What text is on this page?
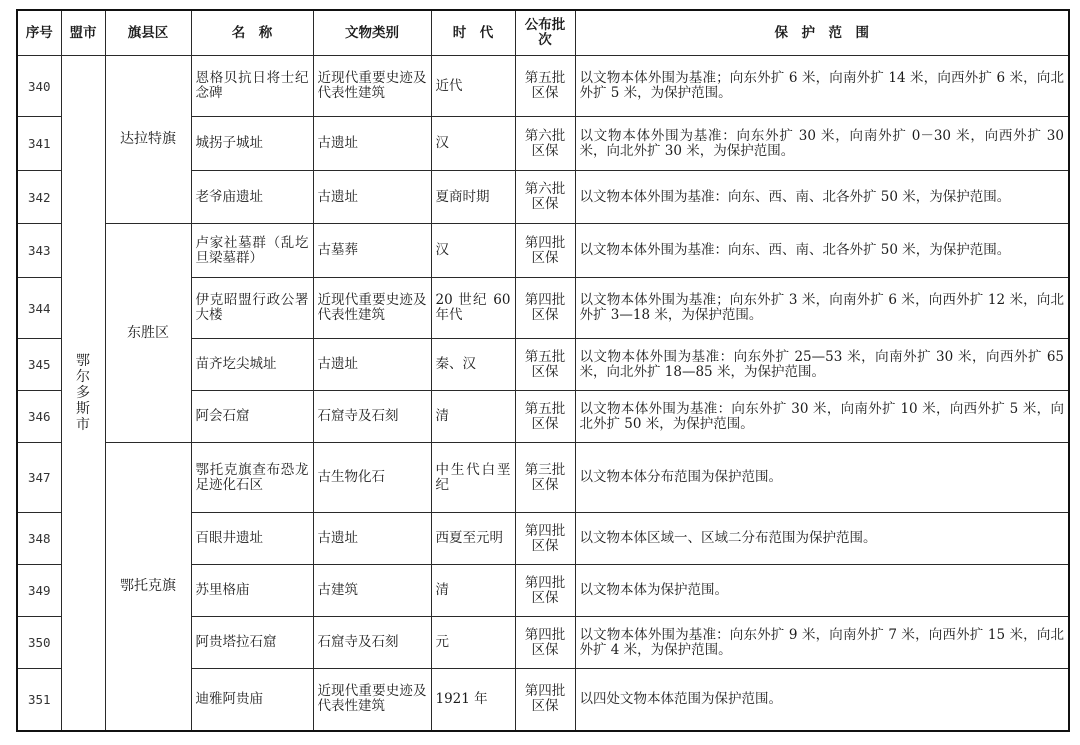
序号	盟市	旗县区	名　称	文物类别	时　代	公布批次	保　护　范　围
340	鄂尔多斯市	达拉特旗	恩格贝抗日将士纪念碑	近现代重要史迹及代表性建筑	近代	第五批区保	以文物本体外围为基准；向东外扩 6 米，向南外扩 14 米，向西外扩 6 米，向北外扩 5 米，为保护范围。
341			城拐子城址	古遗址	汉	第六批区保	以文物本体外围为基准：向东外扩 30 米，向南外扩 0－30 米，向西外扩 30 米，向北外扩 30 米，为保护范围。
342			老爷庙遗址	古遗址	夏商时期	第六批区保	以文物本体外围为基准：向东、西、南、北各外扩 50 米，为保护范围。
343		东胜区	卢家社墓群（乱圪旦梁墓群）	古墓葬	汉	第四批区保	以文物本体外围为基准：向东、西、南、北各外扩 50 米，为保护范围。
344			伊克昭盟行政公署大楼	近现代重要史迹及代表性建筑	20 世纪 60 年代	第四批区保	以文物本体外围为基准；向东外扩 3 米，向南外扩 6 米，向西外扩 12 米，向北外扩 3—18 米，为保护范围。
345			苗齐圪尖城址	古遗址	秦、汉	第五批区保	以文物本体外围为基准：向东外扩 25—53 米，向南外扩 30 米，向西外扩 65 米，向北外扩 18—85 米，为保护范围。
346			阿会石窟	石窟寺及石刻	清	第五批区保	以文物本体外围为基准：向东外扩 30 米，向南外扩 10 米，向西外扩 5 米，向北外扩 50 米，为保护范围。
347		鄂托克旗	鄂托克旗查布恐龙足迹化石区	古生物化石	中生代白垩纪	第三批区保	以文物本体分布范围为保护范围。
348			百眼井遗址	古遗址	西夏至元明	第四批区保	以文物本体区域一、区域二分布范围为保护范围。
349			苏里格庙	古建筑	清	第四批区保	以文物本体为保护范围。
350			阿贵塔拉石窟	石窟寺及石刻	元	第四批区保	以文物本体外围为基准：向东外扩 9 米，向南外扩 7 米，向西外扩 15 米，向北外扩 4 米，为保护范围。
351			迪雅阿贵庙	近现代重要史迹及代表性建筑	1921 年	第四批区保	以四处文物本体范围为保护范围。
